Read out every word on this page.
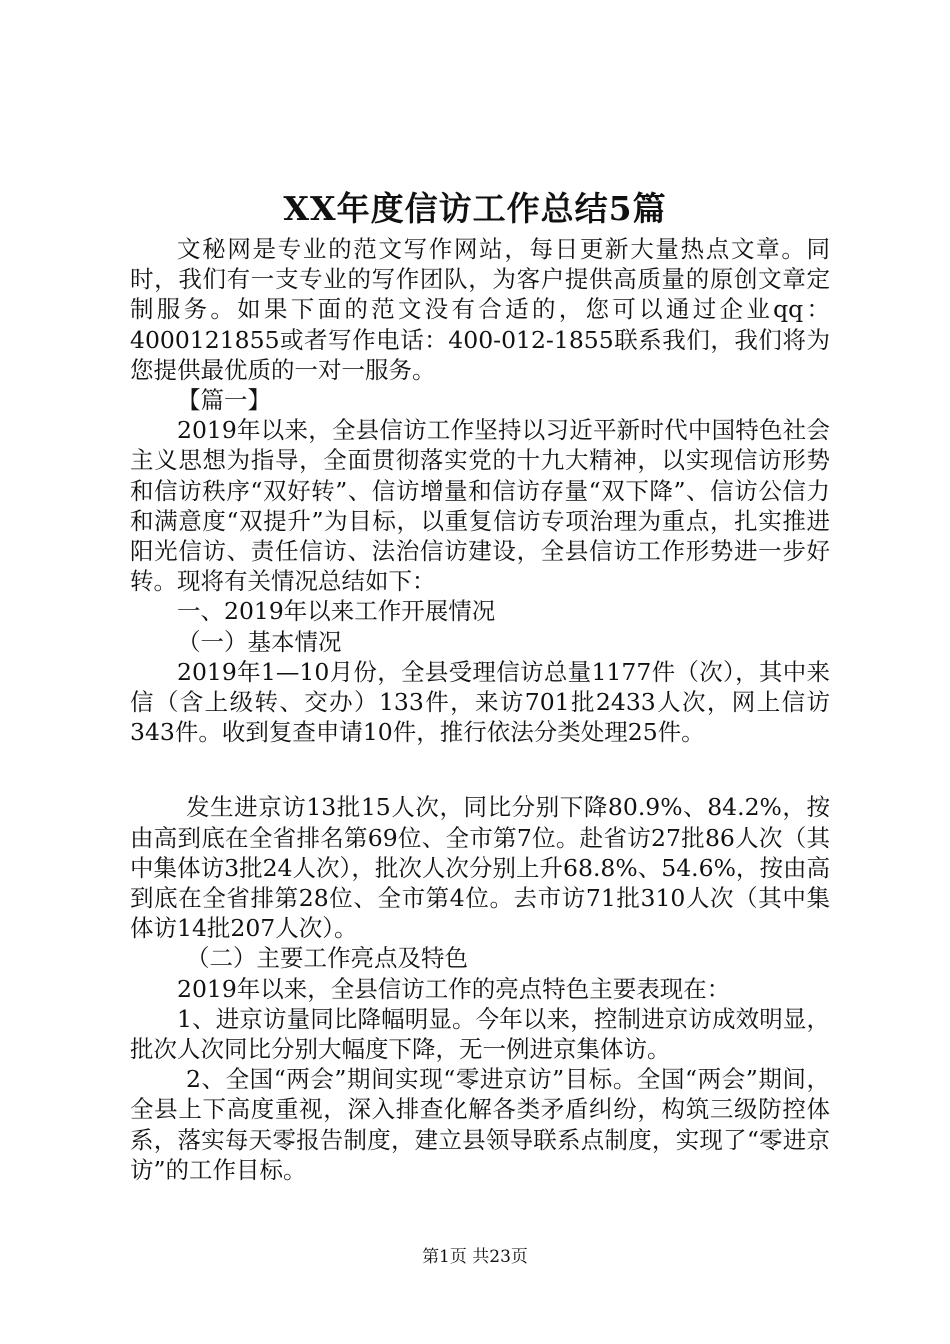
XX年度信访工作总结5篇

文秘网是专业的范文写作网站，每日更新大量热点文章。同时，我们有一支专业的写作团队，为客户提供高质量的原创文章定制服务。如果下面的范文没有合适的，您可以通过企业qq：4000121855或者写作电话：400-012-1855联系我们，我们将为您提供最优质的一对一服务。

【篇一】

2019年以来，全县信访工作坚持以习近平新时代中国特色社会主义思想为指导，全面贯彻落实党的十九大精神，以实现信访形势和信访秩序“双好转”、信访增量和信访存量“双下降”、信访公信力和满意度“双提升”为目标，以重复信访专项治理为重点，扎实推进阳光信访、责任信访、法治信访建设，全县信访工作形势进一步好转。现将有关情况总结如下：

一、2019年以来工作开展情况

（一）基本情况

2019年1—10月份，全县受理信访总量1177件（次），其中来信（含上级转、交办）133件，来访701批2433人次，网上信访343件。收到复查申请10件，推行依法分类处理25件。

发生进京访13批15人次，同比分别下降80.9%、84.2%，按由高到底在全省排名第69位、全市第7位。赴省访27批86人次（其中集体访3批24人次），批次人次分别上升68.8%、54.6%，按由高到底在全省排第28位、全市第4位。去市访71批310人次（其中集体访14批207人次）。

（二）主要工作亮点及特色

2019年以来，全县信访工作的亮点特色主要表现在：

1、进京访量同比降幅明显。今年以来，控制进京访成效明显，批次人次同比分别大幅度下降，无一例进京集体访。

2、全国“两会”期间实现“零进京访”目标。全国“两会”期间，全县上下高度重视，深入排查化解各类矛盾纠纷，构筑三级防控体系，落实每天零报告制度，建立县领导联系点制度，实现了“零进京访”的工作目标。

第1页 共23页
